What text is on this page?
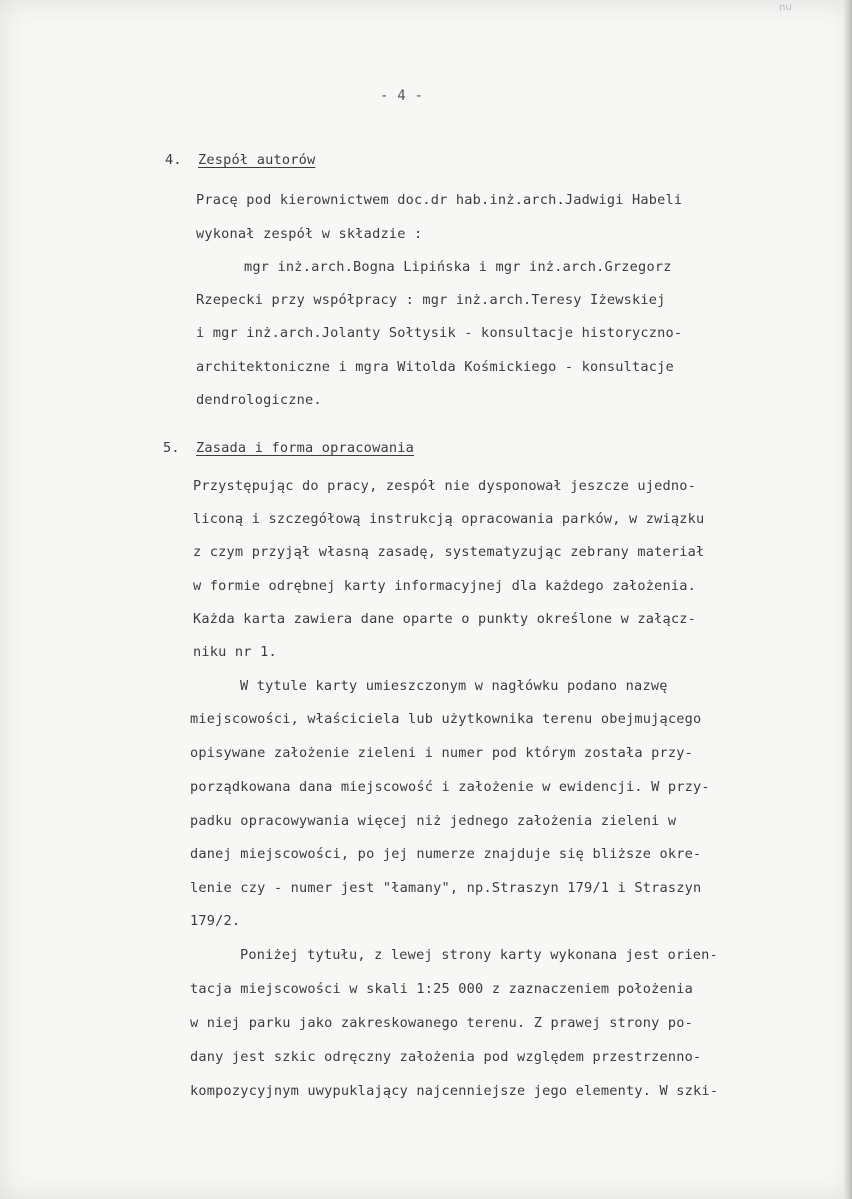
nu
- 4 -
4. Zespół autorów
Pracę pod kierownictwem doc.dr hab.inż.arch.Jadwigi Habeli
wykonał zespół w składzie :
mgr inż.arch.Bogna Lipińska i mgr inż.arch.Grzegorz
Rzepecki przy współpracy : mgr inż.arch.Teresy Iżewskiej
i mgr inż.arch.Jolanty Sołtysik - konsultacje historyczno-
architektoniczne i mgra Witolda Kośmickiego - konsultacje
dendrologiczne.
5. Zasada i forma opracowania
Przystępując do pracy, zespół nie dysponował jeszcze ujedno-
liconą i szczegółową instrukcją opracowania parków, w związku
z czym przyjął własną zasadę, systematyzując zebrany materiał
w formie odrębnej karty informacyjnej dla każdego założenia.
Każda karta zawiera dane oparte o punkty określone w załącz-
niku nr 1.
W tytule karty umieszczonym w nagłówku podano nazwę
miejscowości, właściciela lub użytkownika terenu obejmującego
opisywane założenie zieleni i numer pod którym została przy-
porządkowana dana miejscowość i założenie w ewidencji. W przy-
padku opracowywania więcej niż jednego założenia zieleni w
danej miejscowości, po jej numerze znajduje się bliższe okre-
lenie czy - numer jest "łamany", np.Straszyn 179/1 i Straszyn
179/2.
Poniżej tytułu, z lewej strony karty wykonana jest orien-
tacja miejscowości w skali 1:25 000 z zaznaczeniem położenia
w niej parku jako zakreskowanego terenu. Z prawej strony po-
dany jest szkic odręczny założenia pod względem przestrzenno-
kompozycyjnym uwypuklający najcenniejsze jego elementy. W szki-
